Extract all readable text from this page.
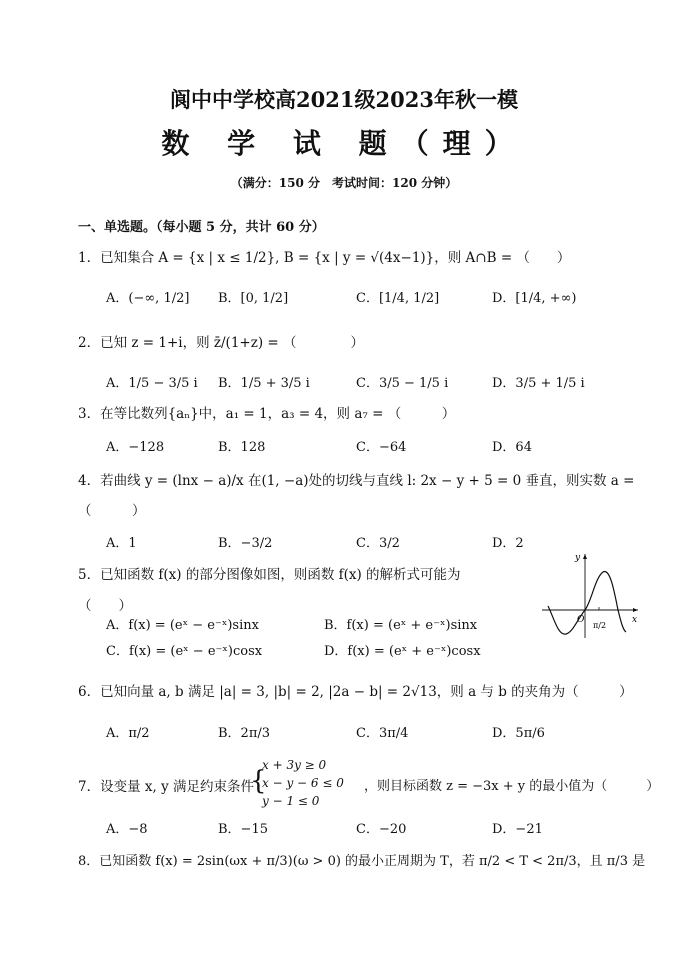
阆中中学校高2021级2023年秋一模
数 学 试 题（理）
（满分：150 分　考试时间：120 分钟）
一、单选题。（每小题 5 分，共计 60 分）
1．已知集合 A = {x | x ≤ 1/2}, B = {x | y = √(4x−1)}，则 A∩B = （　　）
A．(−∞, 1/2] B．[0, 1/2]	C．[1/4, 1/2]	D．[1/4, +∞)
2．已知 z = 1+i，则 z̄/(1+z) = （　　　　）
A．1/5 − 3/5 i B．1/5 + 3/5 i	C．3/5 − 1/5 i	D．3/5 + 1/5 i
3．在等比数列{aₙ}中，a₁ = 1，a₃ = 4，则 a₇ = （　　　）
A．−128	B．128	C．−64	D．64
4．若曲线 y = (lnx − a)/x 在(1, −a)处的切线与直线 l: 2x − y + 5 = 0 垂直，则实数 a =
（　　　）
A．1	B．−3/2	C．3/2	D．2
5．已知函数 f(x) 的部分图像如图，则函数 f(x) 的解析式可能为
（　　）
A．f(x) = (eˣ − e⁻ˣ)sinx	B．f(x) = (eˣ + e⁻ˣ)sinx
C．f(x) = (eˣ − e⁻ˣ)cosx	D．f(x) = (eˣ + e⁻ˣ)cosx
y
x
O
π/2
6．已知向量 a, b 满足 |a| = 3, |b| = 2, |2a − b| = 2√13，则 a 与 b 的夹角为（　　　）
A．π/2	B．2π/3	C．3π/4	D．5π/6
7．设变量 x, y 满足约束条件
{
x + 3y ≥ 0
x − y − 6 ≤ 0
y − 1 ≤ 0
，则目标函数 z = −3x + y 的最小值为（　　　）
A．−8	B．−15	C．−20	D．−21
8．已知函数 f(x) = 2sin(ωx + π/3)(ω > 0) 的最小正周期为 T，若 π/2 < T < 2π/3，且 π/3 是
